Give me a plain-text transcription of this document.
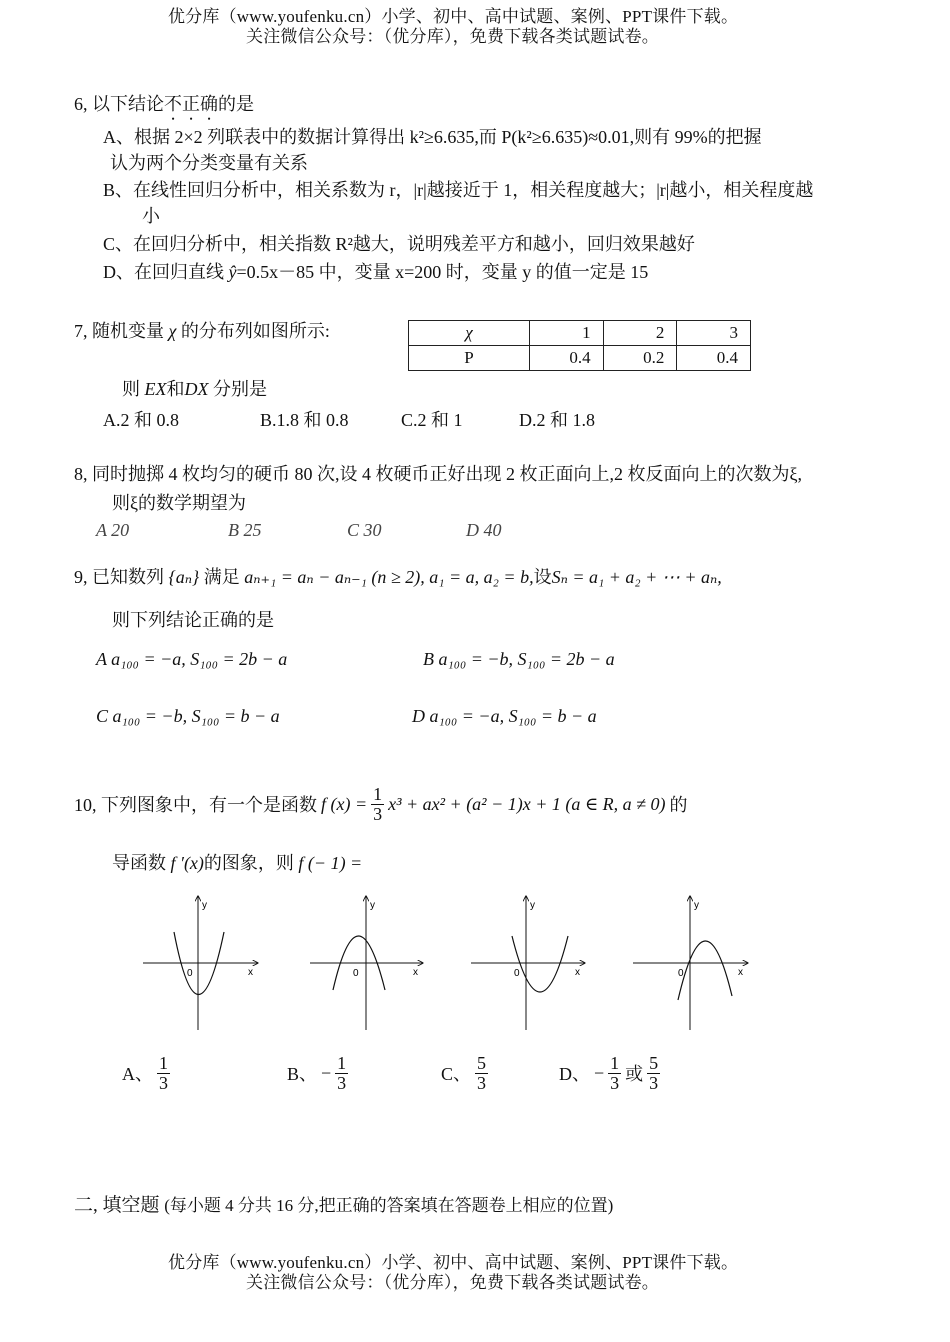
优分库（www.youfenku.cn）小学、初中、高中试题、案例、PPT课件下载。
关注微信公众号：（优分库），免费下载各类试题试卷。
6, 以下结论不正确的是
A、根据 2×2 列联表中的数据计算得出 k²≥6.635,而 P(k²≥6.635)≈0.01,则有 99%的把握
认为两个分类变量有关系
B、在线性回归分析中，相关系数为 r，|r|越接近于 1，相关程度越大；|r|越小，相关程度越
小
C、在回归分析中，相关指数 R²越大，说明残差平方和越小，回归效果越好
D、在回归直线 ŷ=0.5x－85 中，变量 x=200 时，变量 y 的值一定是 15
7, 随机变量 χ 的分布列如图所示:	χ	1	2	3
P	0.4	0.2	0.4
则 EX和DX 分别是
A.2 和 0.8	B.1.8 和 0.8	C.2 和 1	D.2 和 1.8
8, 同时抛掷 4 枚均匀的硬币 80 次,设 4 枚硬币正好出现 2 枚正面向上,2 枚反面向上的次数为ξ,
则ξ的数学期望为
A 20	B 25	C 30	D 40
9, 已知数列 {aₙ} 满足 aₙ₊₁ = aₙ − aₙ₋₁ (n ≥ 2), a₁ = a, a₂ = b,设Sₙ = a₁ + a₂ + ⋯ + aₙ,
则下列结论正确的是
A a₁₀₀ = −a, S₁₀₀ = 2b − a	B a₁₀₀ = −b, S₁₀₀ = 2b − a
C a₁₀₀ = −b, S₁₀₀ = b − a	D a₁₀₀ = −a, S₁₀₀ = b − a
10, 下列图象中，有一个是函数 f $(x) = \frac{1}{3} x^3 + ax^2 + (a^2 - 1)x + 1$ (a ∈ R, a ≠ 0) 的
导函数 f ′(x)的图象，则 f (− 1) =
y
x
0
y
x
0
y
x
0
y
x
0
A、 $\frac{1}{3}$	B、 − $\frac{1}{3}$	C、 $\frac{5}{3}$	D、 − $\frac{1}{3}$ 或 $\frac{5}{3}$
二, 填空题 (每小题 4 分共 16 分,把正确的答案填在答题卷上相应的位置)
优分库（www.youfenku.cn）小学、初中、高中试题、案例、PPT课件下载。
关注微信公众号：（优分库），免费下载各类试题试卷。
